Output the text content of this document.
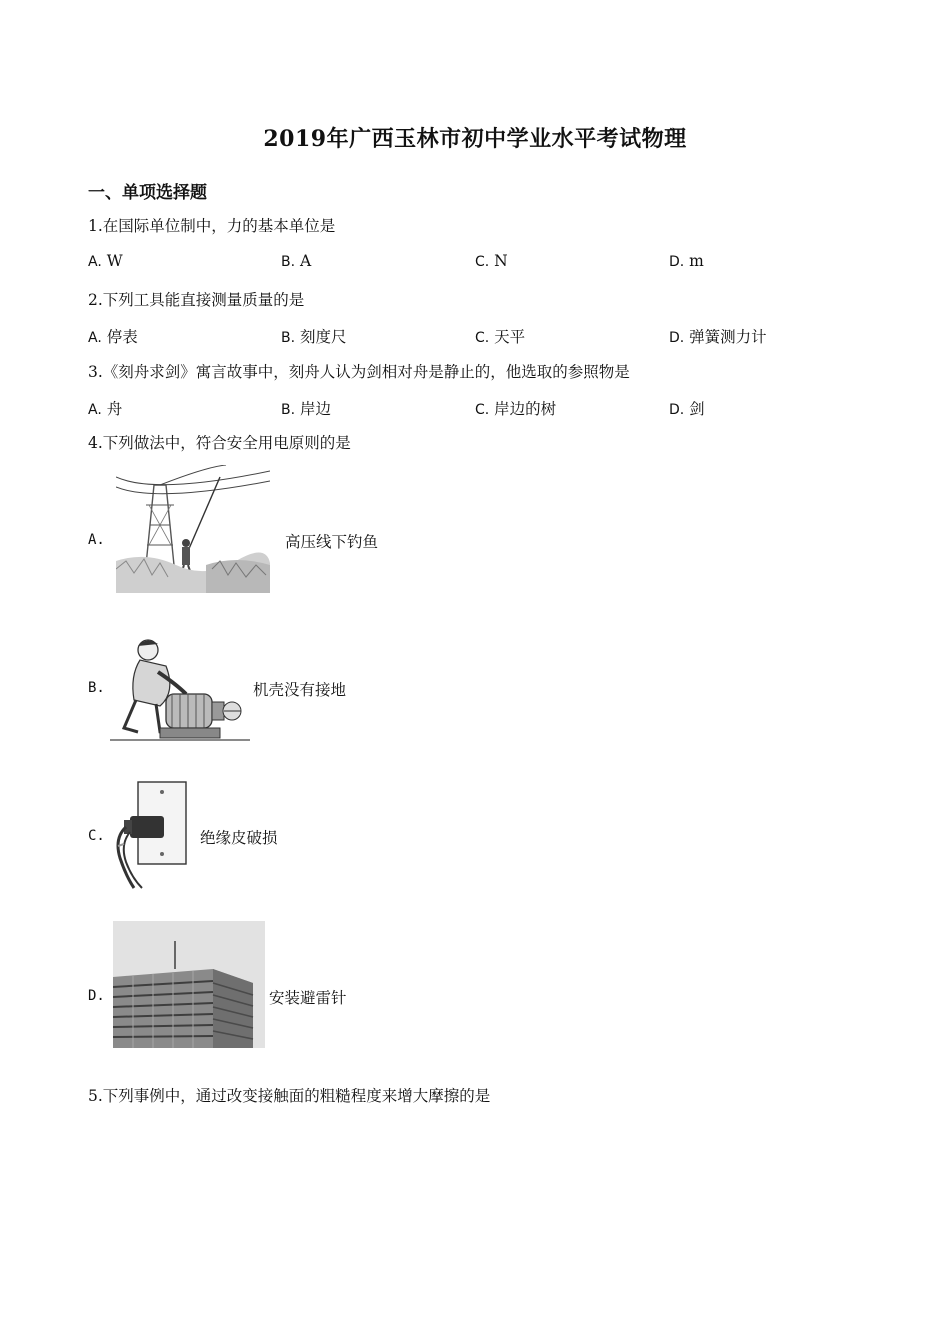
2019年广西玉林市初中学业水平考试物理
一、单项选择题
1.在国际单位制中，力的基本单位是
A. W	B. A	C. N	D. m
2.下列工具能直接测量质量的是
A. 停表	B. 刻度尺	C. 天平	D. 弹簧测力计
3.《刻舟求剑》寓言故事中，刻舟人认为剑相对舟是静止的，他选取的参照物是
A. 舟	B. 岸边	C. 岸边的树	D. 剑
4.下列做法中，符合安全用电原则的是
A.	高压线下钓鱼
B.	机壳没有接地
C.	绝缘皮破损
D.	安装避雷针
5.下列事例中，通过改变接触面的粗糙程度来增大摩擦的是
